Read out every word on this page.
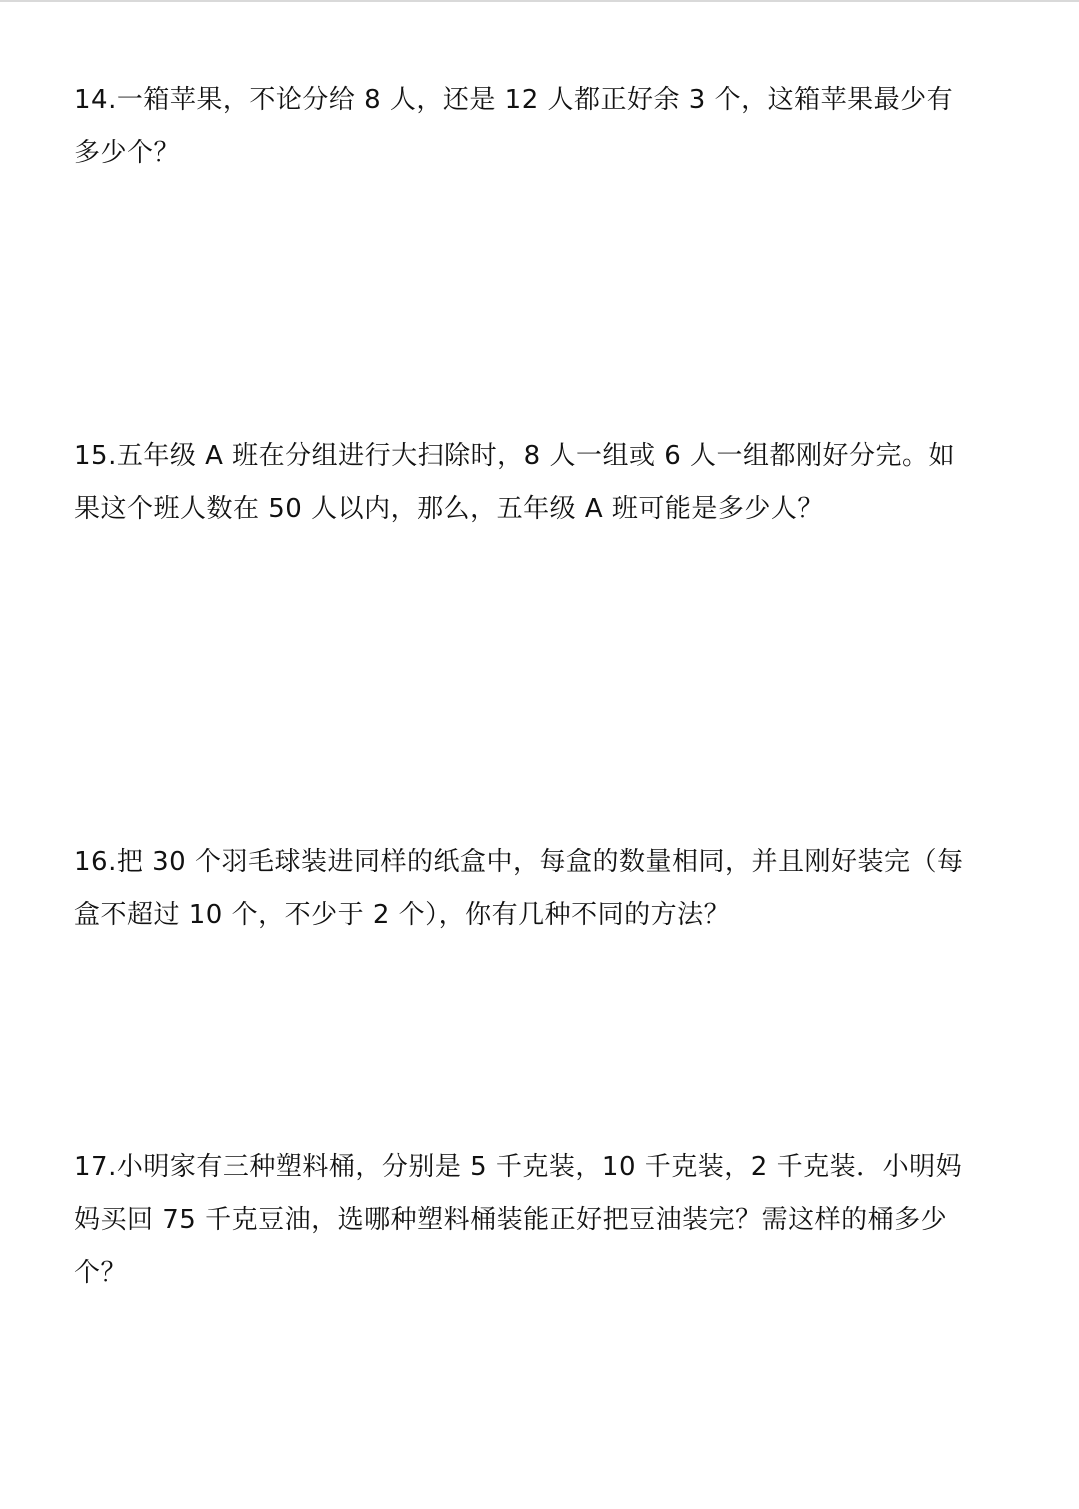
14.一箱苹果，不论分给 8 人，还是 12 人都正好余 3 个，这箱苹果最少有
多少个？
15.五年级 A 班在分组进行大扫除时，8 人一组或 6 人一组都刚好分完。如
果这个班人数在 50 人以内，那么，五年级 A 班可能是多少人？
16.把 30 个羽毛球装进同样的纸盒中，每盒的数量相同，并且刚好装完（每
盒不超过 10 个，不少于 2 个），你有几种不同的方法？
17.小明家有三种塑料桶，分别是 5 千克装，10 千克装，2 千克装．小明妈
妈买回 75 千克豆油，选哪种塑料桶装能正好把豆油装完？需这样的桶多少
个？
